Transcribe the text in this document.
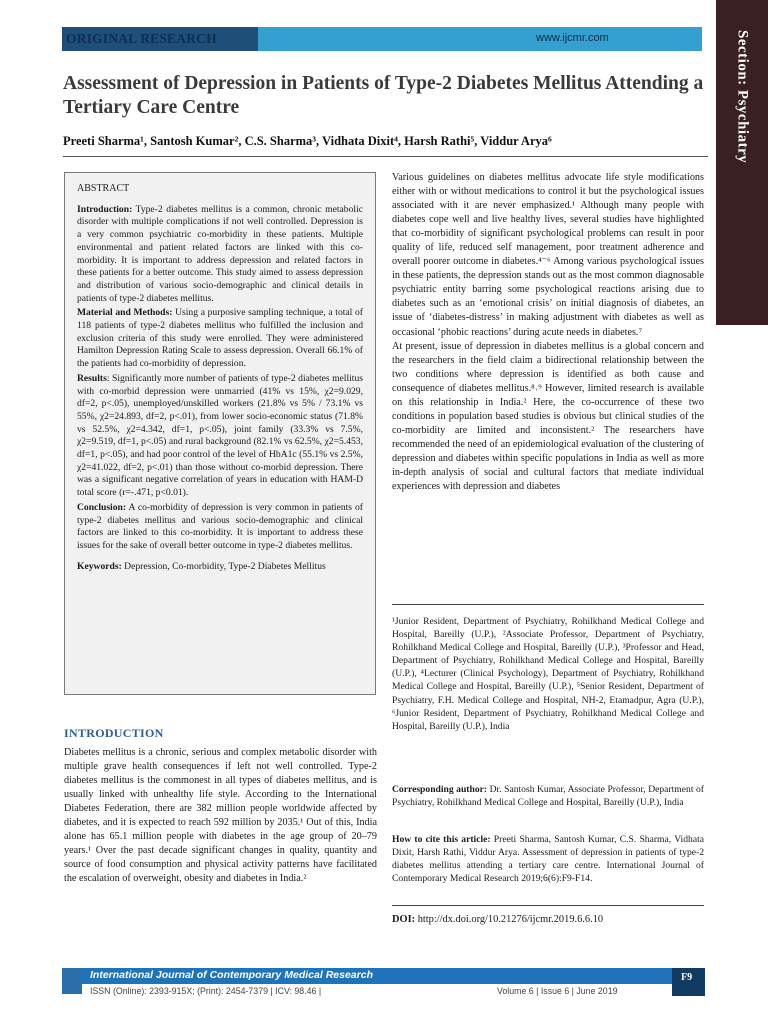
ORIGINAL RESEARCH	www.ijcmr.com	Section: Psychiatry
Assessment of Depression in Patients of Type-2 Diabetes Mellitus Attending a Tertiary Care Centre
Preeti Sharma¹, Santosh Kumar², C.S. Sharma³, Vidhata Dixit⁴, Harsh Rathi⁵, Viddur Arya⁶

ABSTRACT

Introduction: Type-2 diabetes mellitus is a common, chronic metabolic disorder with multiple complications if not well controlled. Depression is a very common psychiatric co-morbidity in these patients. Multiple environmental and patient related factors are linked with this co-morbidity. It is important to address depression and related factors in these patients for a better outcome. This study aimed to assess depression and distribution of various socio-demographic and clinical details in patients of type-2 diabetes mellitus.

Material and Methods: Using a purposive sampling technique, a total of 118 patients of type-2 diabetes mellitus who fulfilled the inclusion and exclusion criteria of this study were enrolled. They were administered Hamilton Depression Rating Scale to assess depression. Overall 66.1% of the patients had co-morbidity of depression.

Results: Significantly more number of patients of type-2 diabetes mellitus with co-morbid depression were unmarried (41% vs 15%, χ2=9.029, df=2, p<.05), unemployed/unskilled workers (21.8% vs 5% / 73.1% vs 55%, χ2=24.893, df=2, p<.01), from lower socio-economic status (71.8% vs 52.5%, χ2=4.342, df=1, p<.05), joint family (33.3% vs 7.5%, χ2=9.519, df=1, p<.05) and rural background (82.1% vs 62.5%, χ2=5.453, df=1, p<.05), and had poor control of the level of HbA1c (55.1% vs 2.5%, χ2=41.022, df=2, p<.01) than those without co-morbid depression. There was a significant negative correlation of years in education with HAM-D total score (r=-.471, p<0.01).

Conclusion: A co-morbidity of depression is very common in patients of type-2 diabetes mellitus and various socio-demographic and clinical factors are linked to this co-morbidity. It is important to address these issues for the sake of overall better outcome in type-2 diabetes mellitus.

Keywords: Depression, Co-morbidity, Type-2 Diabetes Mellitus

INTRODUCTION

Diabetes mellitus is a chronic, serious and complex metabolic disorder with multiple grave health consequences if left not well controlled. Type-2 diabetes mellitus is the commonest in all types of diabetes mellitus, and is usually linked with unhealthy life style. According to the International Diabetes Federation, there are 382 million people worldwide affected by diabetes, and it is expected to reach 592 million by 2035.¹ Out of this, India alone has 65.1 million people with diabetes in the age group of 20–79 years.¹ Over the past decade significant changes in quality, quantity and source of food consumption and physical activity patterns have facilitated the escalation of overweight, obesity and diabetes in India.²

Various guidelines on diabetes mellitus advocate life style modifications either with or without medications to control it but the psychological issues associated with it are never emphasized.¹ Although many people with diabetes cope well and live healthy lives, several studies have highlighted that co-morbidity of significant psychological problems can result in poor quality of life, reduced self management, poor treatment adherence and overall poorer outcome in diabetes.⁴⁻⁶ Among various psychological issues in these patients, the depression stands out as the most common diagnosable psychiatric entity barring some psychological reactions arising due to diabetes such as an ‘emotional crisis’ on initial diagnosis of diabetes, an issue of ‘diabetes-distress’ in making adjustment with diabetes as well as occasional ‘phobic reactions’ during acute needs in diabetes.⁷

At present, issue of depression in diabetes mellitus is a global concern and the researchers in the field claim a bidirectional relationship between the two conditions where depression is identified as both cause and consequence of diabetes mellitus.⁸˒⁹ However, limited research is available on this relationship in India.² Here, the co-occurrence of these two conditions in population based studies is obvious but clinical studies of the co-morbidity are limited and inconsistent.² The researchers have recommended the need of an epidemiological evaluation of the clustering of depression and diabetes within specific populations in India as well as more in-depth analysis of social and cultural factors that mediate individual experiences with depression and diabetes

¹Junior Resident, Department of Psychiatry, Rohilkhand Medical College and Hospital, Bareilly (U.P.), ²Associate Professor, Department of Psychiatry, Rohilkhand Medical College and Hospital, Bareilly (U.P.), ³Professor and Head, Department of Psychiatry, Rohilkhand Medical College and Hospital, Bareilly (U.P.), ⁴Lecturer (Clinical Psychology), Department of Psychiatry, Rohilkhand Medical College and Hospital, Bareilly (U.P.), ⁵Senior Resident, Department of Psychiatry, F.H. Medical College and Hospital, NH-2, Etamadpur, Agra (U.P.), ⁶Junior Resident, Department of Psychiatry, Rohilkhand Medical College and Hospital, Bareilly (U.P.), India

Corresponding author: Dr. Santosh Kumar, Associate Professor, Department of Psychiatry, Rohilkhand Medical College and Hospital, Bareilly (U.P.), India

How to cite this article: Preeti Sharma, Santosh Kumar, C.S. Sharma, Vidhata Dixit, Harsh Rathi, Viddur Arya. Assessment of depression in patients of type-2 diabetes mellitus attending a tertiary care centre. International Journal of Contemporary Medical Research 2019;6(6):F9-F14.

DOI: http://dx.doi.org/10.21276/ijcmr.2019.6.6.10

International Journal of Contemporary Medical Research
ISSN (Online): 2393-915X; (Print): 2454-7379 | ICV: 98.46 |	Volume 6 | Issue 6 | June 2019
F9
